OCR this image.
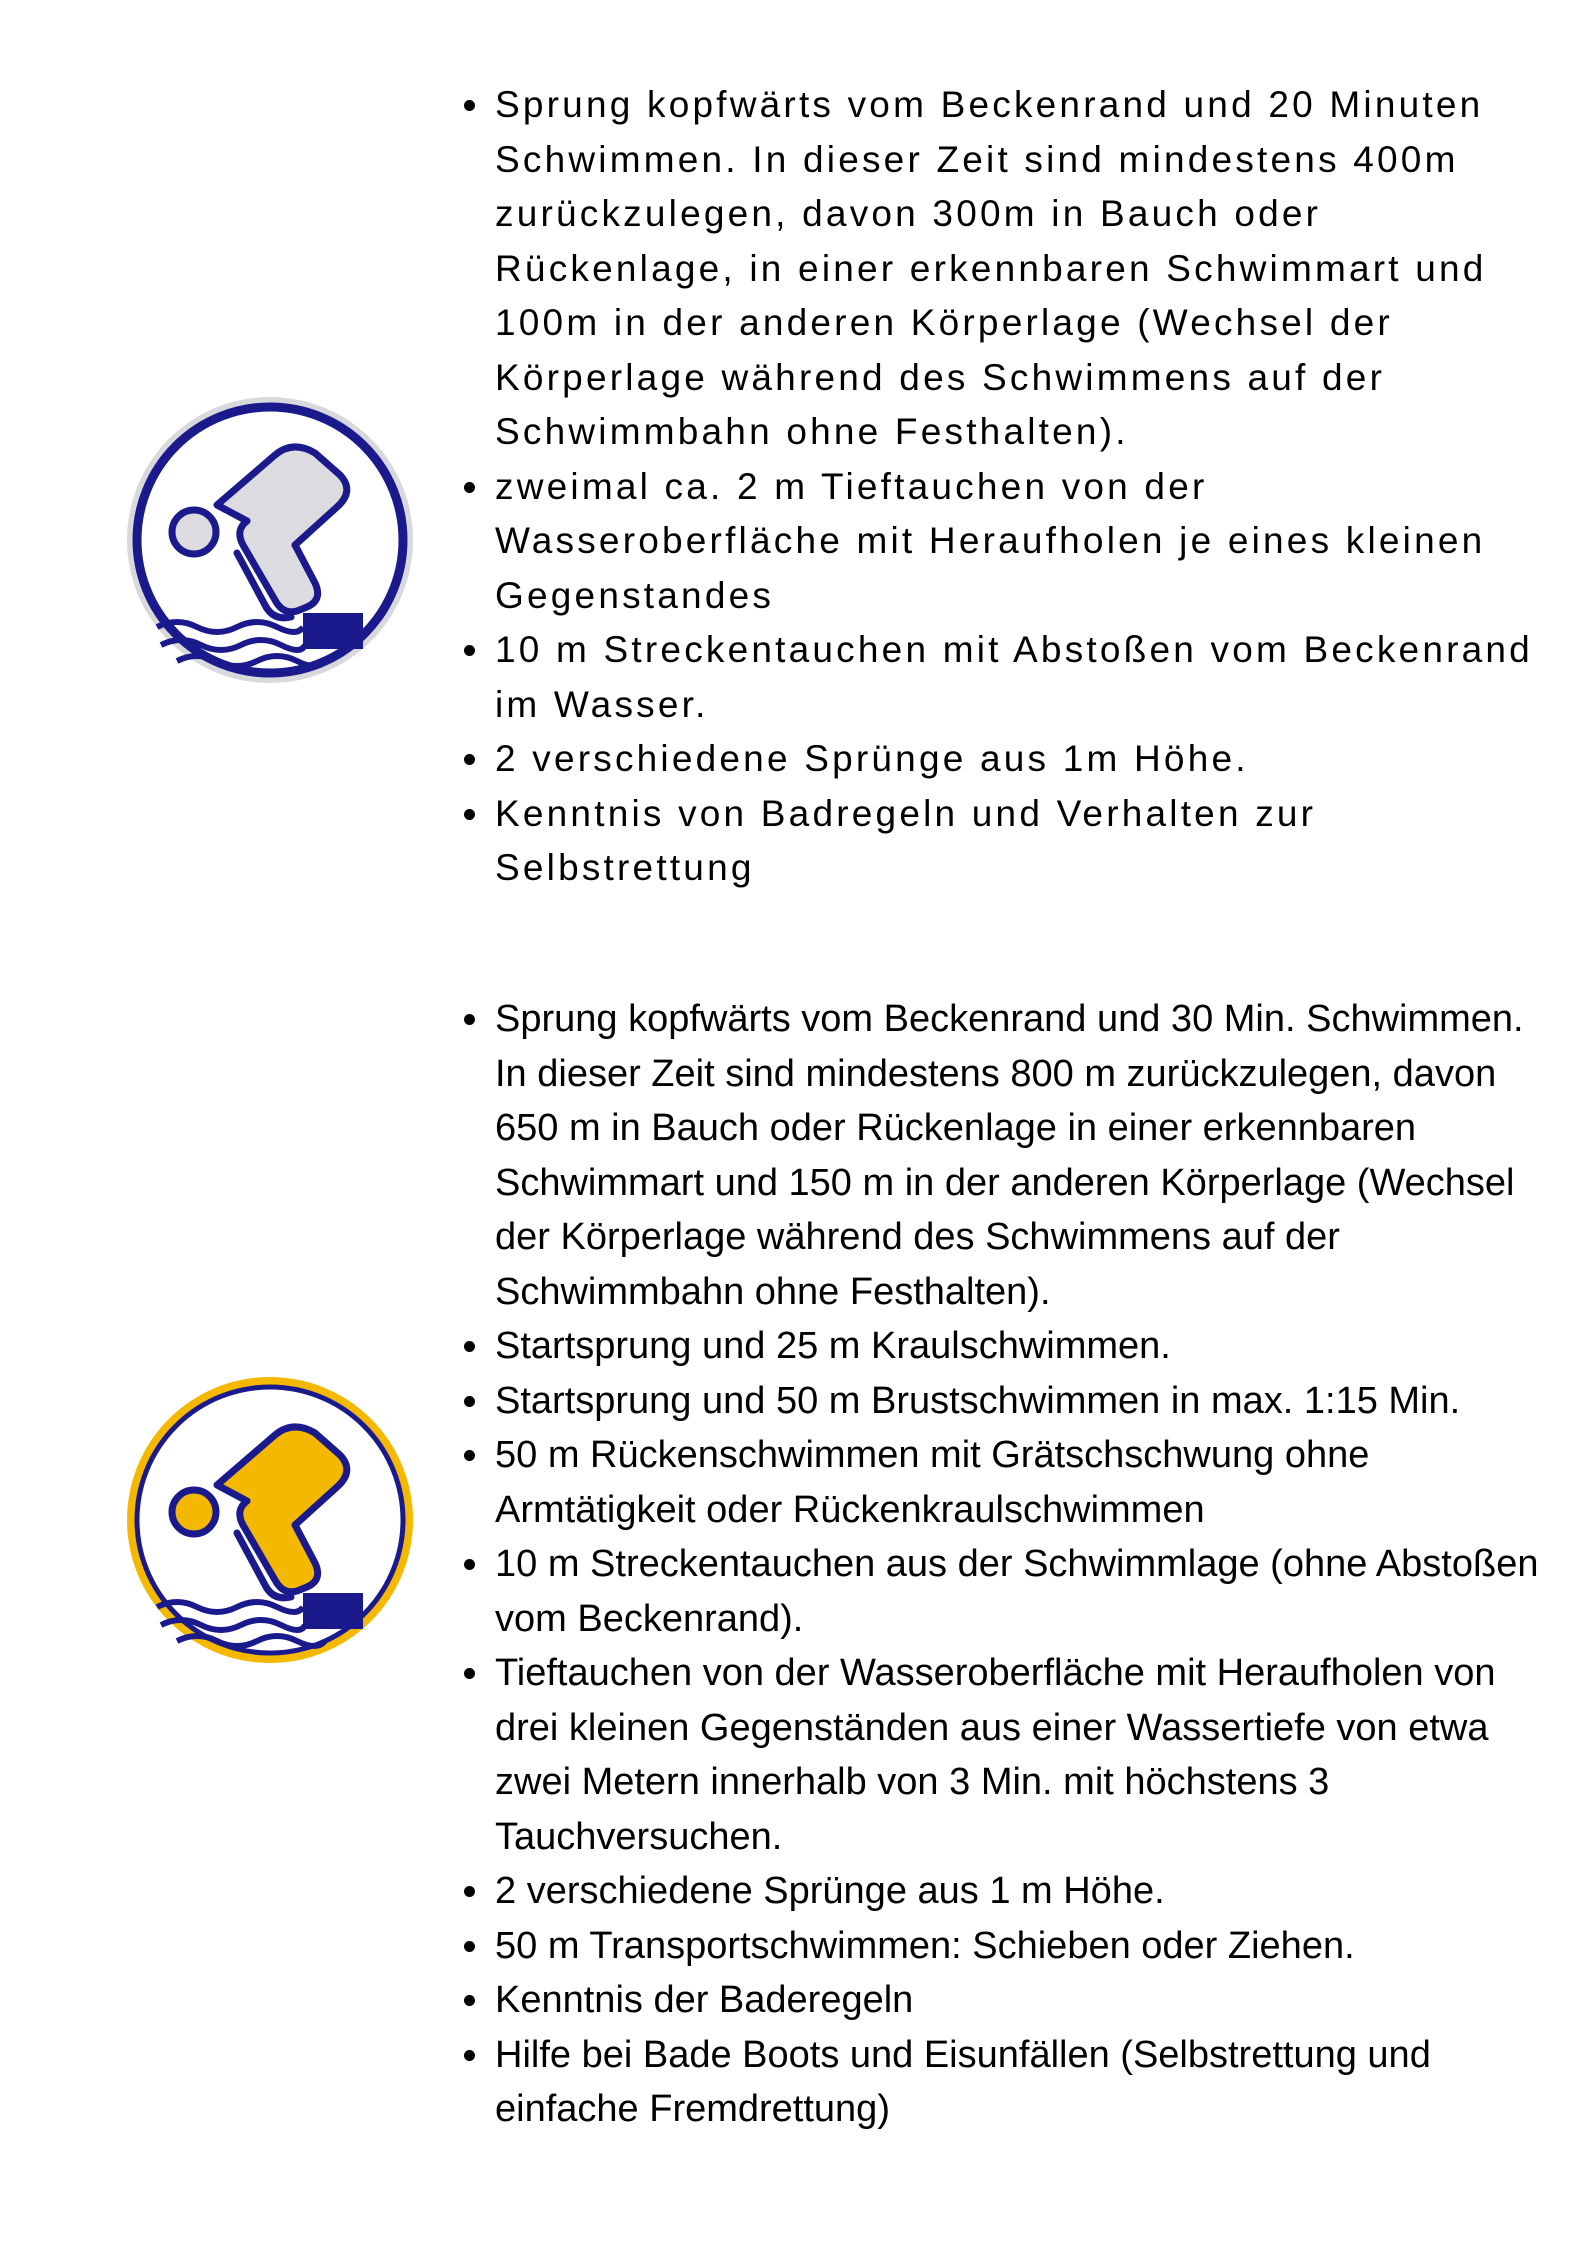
Sprung kopfwärts vom Beckenrand und 20 Minuten Schwimmen. In dieser Zeit sind mindestens 400m zurückzulegen, davon 300m in Bauch oder Rückenlage, in einer erkennbaren Schwimmart und 100m in der anderen Körperlage (Wechsel der Körperlage während des Schwimmens auf der Schwimmbahn ohne Festhalten).
zweimal ca. 2 m Tieftauchen von der Wasseroberfläche mit Heraufholen je eines kleinen Gegenstandes
10 m Streckentauchen mit Abstoßen vom Beckenrand im Wasser.
2 verschiedene Sprünge aus 1m Höhe.
Kenntnis von Badregeln und Verhalten zur Selbstrettung
Sprung kopfwärts vom Beckenrand und 30 Min. Schwimmen. In dieser Zeit sind mindestens 800 m zurückzulegen, davon 650 m in Bauch oder Rückenlage in einer erkennbaren Schwimmart und 150 m in der anderen Körperlage (Wechsel der Körperlage während des Schwimmens auf der Schwimmbahn ohne Festhalten).
Startsprung und 25 m Kraulschwimmen.
Startsprung und 50 m Brustschwimmen in max. 1:15 Min.
50 m Rückenschwimmen mit Grätschschwung ohne Armtätigkeit oder Rückenkraulschwimmen
10 m Streckentauchen aus der Schwimmlage (ohne Abstoßen vom Beckenrand).
Tieftauchen von der Wasseroberfläche mit Heraufholen von drei kleinen Gegenständen aus einer Wassertiefe von etwa zwei Metern innerhalb von 3 Min. mit höchstens 3 Tauchversuchen.
2 verschiedene Sprünge aus 1 m Höhe.
50 m Transportschwimmen: Schieben oder Ziehen.
Kenntnis der Baderegeln
Hilfe bei Bade Boots und Eisunfällen (Selbstrettung und einfache Fremdrettung)
